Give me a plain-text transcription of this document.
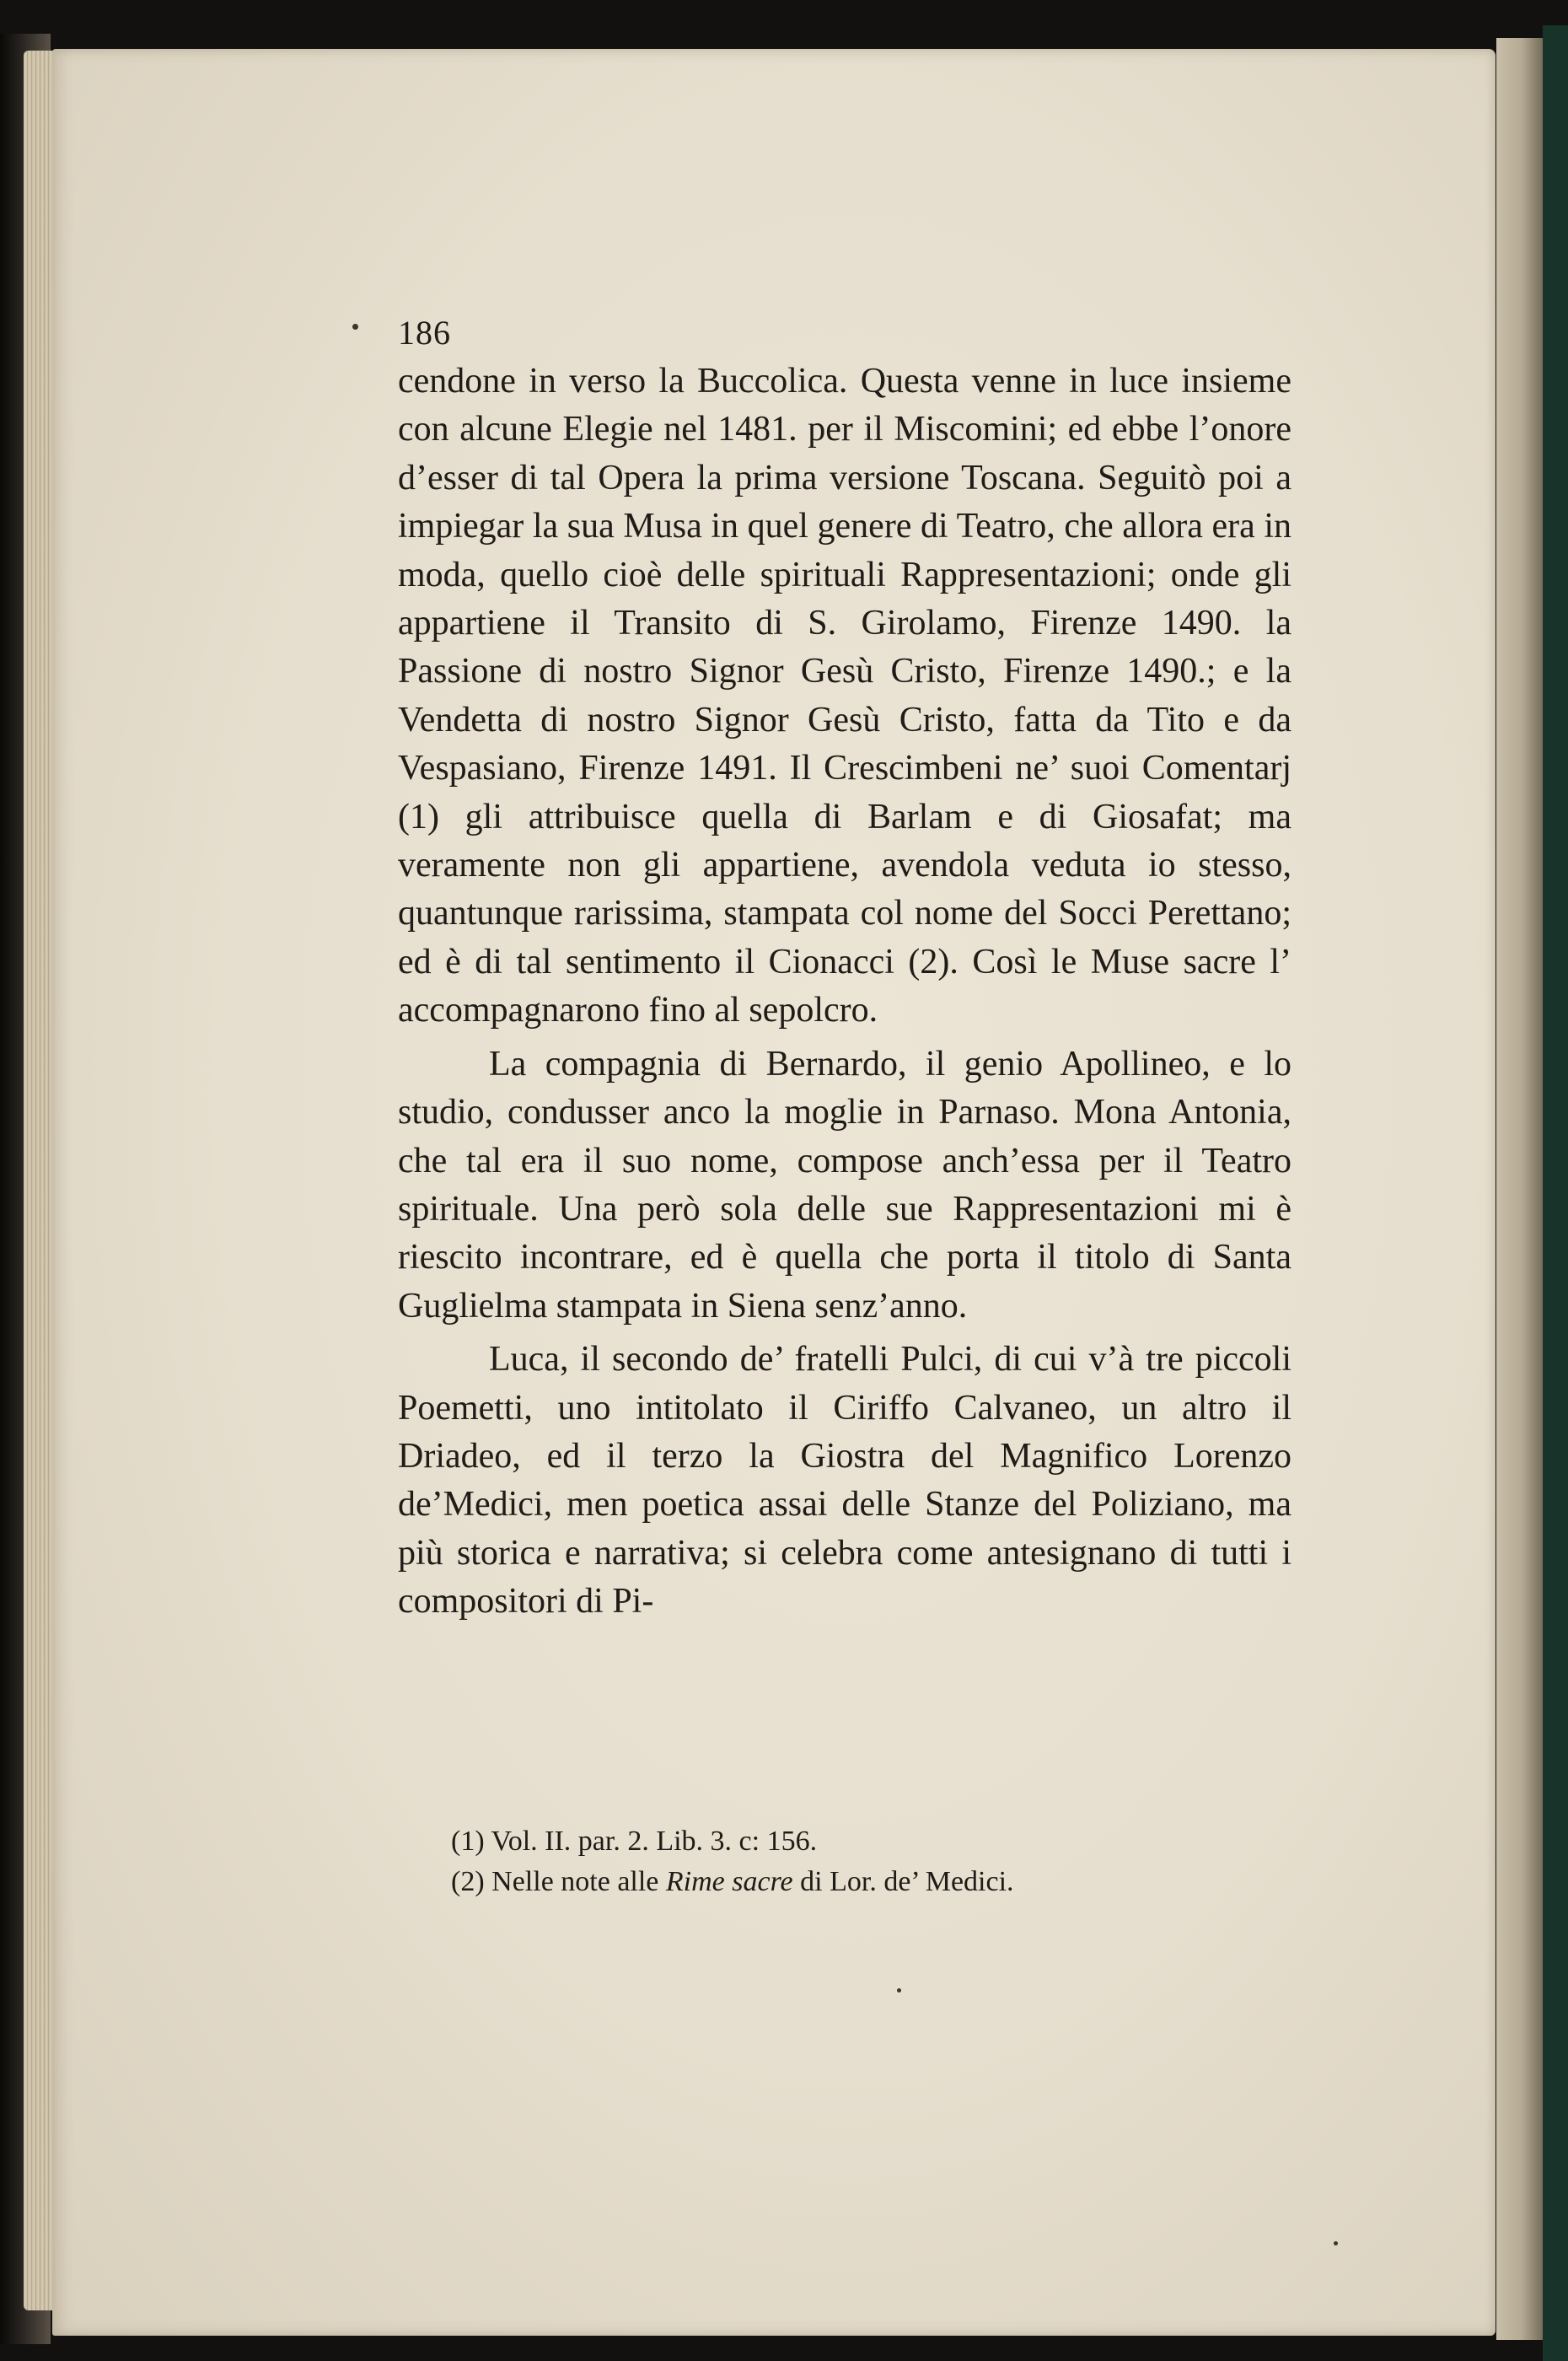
186

cendone in verso la Buccolica. Questa venne in luce insieme con alcune Elegie nel 1481. per il Miscomini; ed ebbe l’onore d’esser di tal Opera la prima versione Toscana. Seguitò poi a impiegar la sua Musa in quel genere di Teatro, che allora era in moda, quello cioè delle spirituali Rappresentazioni; onde gli appartiene il Transito di S. Girolamo, Firenze 1490. la Passione di nostro Signor Gesù Cristo, Firenze 1490.; e la Vendetta di nostro Signor Gesù Cristo, fatta da Tito e da Vespasiano, Firenze 1491. Il Crescimbeni ne’ suoi Comentarj (1) gli attribuisce quella di Barlam e di Giosafat; ma veramente non gli appartiene, avendola veduta io stesso, quantunque rarissima, stampata col nome del Socci Perettano; ed è di tal sentimento il Cionacci (2). Così le Muse sacre l’ accompagnarono fino al sepolcro.

La compagnia di Bernardo, il genio Apollineo, e lo studio, condusser anco la moglie in Parnaso. Mona Antonia, che tal era il suo nome, compose anch’essa per il Teatro spirituale. Una però sola delle sue Rappresentazioni mi è riescito incontrare, ed è quella che porta il titolo di Santa Guglielma stampata in Siena senz’anno.

Luca, il secondo de’ fratelli Pulci, di cui v’à tre piccoli Poemetti, uno intitolato il Ciriffo Calvaneo, un altro il Driadeo, ed il terzo la Giostra del Magnifico Lorenzo de’Medici, men poetica assai delle Stanze del Poliziano, ma più storica e narrativa; si celebra come antesignano di tutti i compositori di Pi-

(1) Vol. II. par. 2. Lib. 3. c: 156.

(2) Nelle note alle Rime sacre di Lor. de’ Medici.
